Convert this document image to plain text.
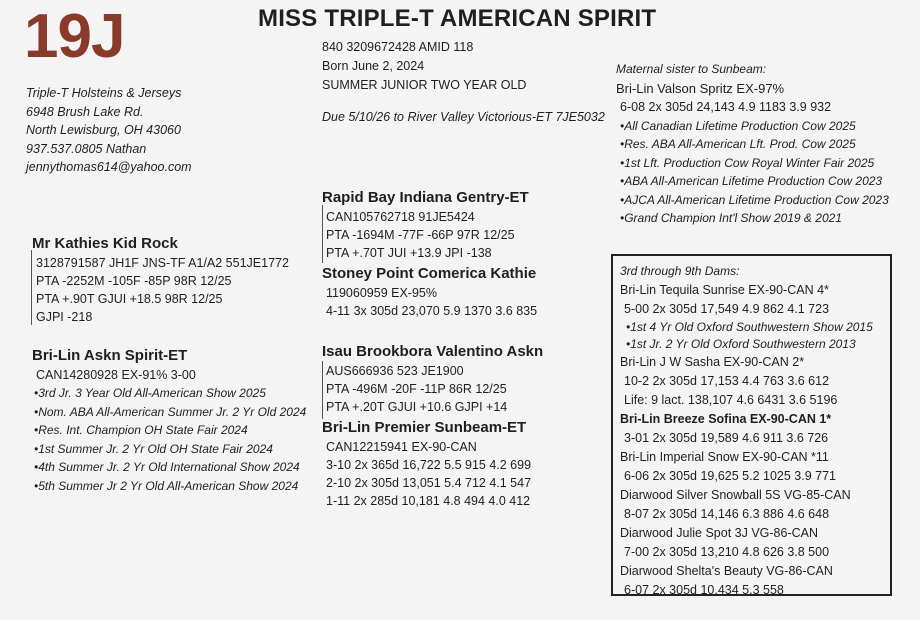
19J	MISS TRIPLE-T AMERICAN SPIRIT
Triple-T Holsteins & Jerseys
6948 Brush Lake Rd.
North Lewisburg, OH 43060
937.537.0805 Nathan
jennythomas614@yahoo.com
840 3209672428 AMID 118
Born June 2, 2024
SUMMER JUNIOR TWO YEAR OLD
Due 5/10/26 to River Valley Victorious-ET 7JE5032
Mr Kathies Kid Rock
3128791587 JH1F JNS-TF A1/A2 551JE1772
PTA -2252M -105F -85P 98R 12/25
PTA +.90T GJUI +18.5 98R 12/25
GJPI -218
Bri-Lin Askn Spirit-ET
CAN14280928 EX-91% 3-00
•3rd Jr. 3 Year Old All-American Show 2025
•Nom. ABA All-American Summer Jr. 2 Yr Old 2024
•Res. Int. Champion OH State Fair 2024
•1st Summer Jr. 2 Yr Old OH State Fair 2024
•4th Summer Jr. 2 Yr Old International Show 2024
•5th Summer Jr 2 Yr Old All-American Show 2024
Rapid Bay Indiana Gentry-ET
CAN105762718 91JE5424
PTA -1694M -77F -66P 97R 12/25
PTA +.70T JUI +13.9 JPI -138
Stoney Point Comerica Kathie
119060959 EX-95%
4-11 3x 305d 23,070 5.9 1370 3.6 835
Isau Brookbora Valentino Askn
AUS666936 523 JE1900
PTA -496M -20F -11P 86R 12/25
PTA +.20T GJUI +10.6 GJPI +14
Bri-Lin Premier Sunbeam-ET
CAN12215941 EX-90-CAN
3-10 2x 365d 16,722 5.5 915 4.2 699
2-10 2x 305d 13,051 5.4 712 4.1 547
1-11 2x 285d 10,181 4.8 494 4.0 412
Maternal sister to Sunbeam:
Bri-Lin Valson Spritz EX-97%
6-08 2x 305d 24,143 4.9 1183 3.9 932
•All Canadian Lifetime Production Cow 2025
•Res. ABA All-American Lft. Prod. Cow 2025
•1st Lft. Production Cow Royal Winter Fair 2025
•ABA All-American Lifetime Production Cow 2023
•AJCA All-American Lifetime Production Cow 2023
•Grand Champion Int'l Show 2019 & 2021
3rd through 9th Dams:
Bri-Lin Tequila Sunrise EX-90-CAN 4*
5-00 2x 305d 17,549 4.9 862 4.1 723
•1st 4 Yr Old Oxford Southwestern Show 2015
•1st Jr. 2 Yr Old Oxford Southwestern 2013
Bri-Lin J W Sasha EX-90-CAN 2*
10-2 2x 305d 17,153 4.4 763 3.6 612
Life: 9 lact. 138,107 4.6 6431 3.6 5196
Bri-Lin Breeze Sofina EX-90-CAN 1*
3-01 2x 305d 19,589 4.6 911 3.6 726
Bri-Lin Imperial Snow EX-90-CAN *11
6-06 2x 305d 19,625 5.2 1025 3.9 771
Diarwood Silver Snowball 5S VG-85-CAN
8-07 2x 305d 14,146 6.3 886 4.6 648
Diarwood Julie Spot 3J VG-86-CAN
7-00 2x 305d 13,210 4.8 626 3.8 500
Diarwood Shelta's Beauty VG-86-CAN
6-07 2x 305d 10,434 5.3 558
